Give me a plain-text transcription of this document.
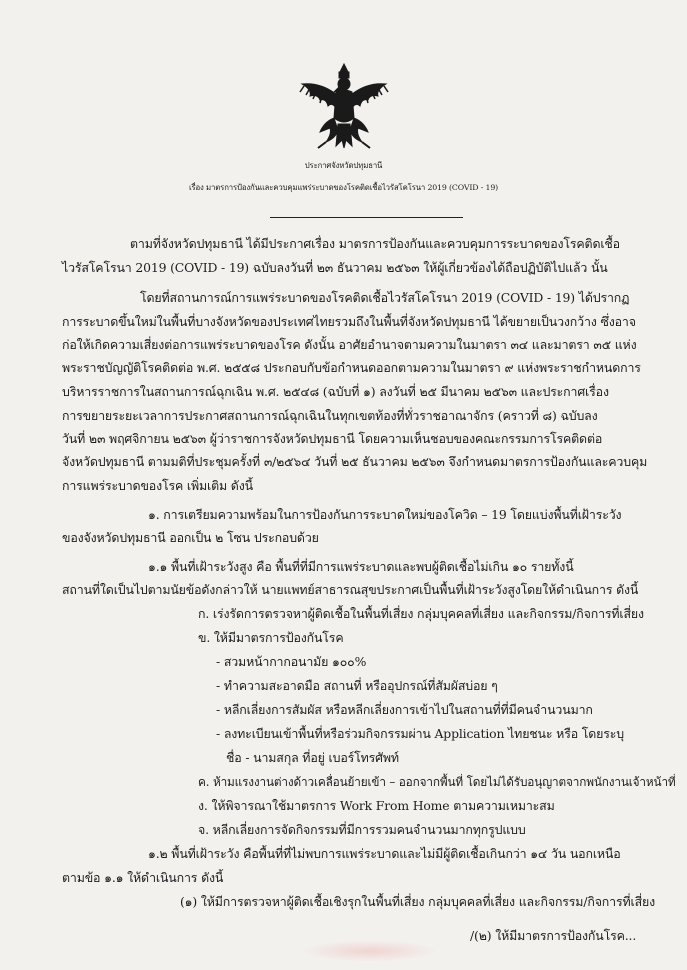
ประกาศจังหวัดปทุมธานี
เรื่อง มาตรการป้องกันและควบคุมแพร่ระบาดของโรคติดเชื้อไวรัสโคโรนา 2019 (COVID - 19)
ตามที่จังหวัดปทุมธานี ได้มีประกาศเรื่อง มาตรการป้องกันและควบคุมการระบาดของโรคติดเชื้อ
ไวรัสโคโรนา 2019 (COVID - 19) ฉบับลงวันที่ ๒๓ ธันวาคม ๒๕๖๓ ให้ผู้เกี่ยวข้องได้ถือปฏิบัติไปแล้ว นั้น
โดยที่สถานการณ์การแพร่ระบาดของโรคติดเชื้อไวรัสโคโรนา 2019 (COVID - 19) ได้ปรากฏ
การระบาดขึ้นใหม่ในพื้นที่บางจังหวัดของประเทศไทยรวมถึงในพื้นที่จังหวัดปทุมธานี ได้ขยายเป็นวงกว้าง ซึ่งอาจ
ก่อให้เกิดความเสี่ยงต่อการแพร่ระบาดของโรค ดังนั้น อาศัยอำนาจตามความในมาตรา ๓๔ และมาตรา ๓๕ แห่ง
พระราชบัญญัติโรคติดต่อ พ.ศ. ๒๕๕๘ ประกอบกับข้อกำหนดออกตามความในมาตรา ๙ แห่งพระราชกำหนดการ
บริหารราชการในสถานการณ์ฉุกเฉิน พ.ศ. ๒๕๔๘ (ฉบับที่ ๑) ลงวันที่ ๒๕ มีนาคม ๒๕๖๓ และประกาศเรื่อง
การขยายระยะเวลาการประกาศสถานการณ์ฉุกเฉินในทุกเขตท้องที่ทั่วราชอาณาจักร (คราวที่ ๘) ฉบับลง
วันที่ ๒๓ พฤศจิกายน ๒๕๖๓ ผู้ว่าราชการจังหวัดปทุมธานี โดยความเห็นชอบของคณะกรรมการโรคติดต่อ
จังหวัดปทุมธานี ตามมติที่ประชุมครั้งที่ ๓/๒๕๖๔ วันที่ ๒๕ ธันวาคม ๒๕๖๓ จึงกำหนดมาตรการป้องกันและควบคุม
การแพร่ระบาดของโรค เพิ่มเติม ดังนี้
๑. การเตรียมความพร้อมในการป้องกันการระบาดใหม่ของโควิด – 19 โดยแบ่งพื้นที่เฝ้าระวัง
ของจังหวัดปทุมธานี ออกเป็น ๒ โซน ประกอบด้วย
๑.๑ พื้นที่เฝ้าระวังสูง คือ พื้นที่ที่มีการแพร่ระบาดและพบผู้ติดเชื้อไม่เกิน ๑๐ รายทั้งนี้
สถานที่ใดเป็นไปตามนัยข้อดังกล่าวให้ นายแพทย์สาธารณสุขประกาศเป็นพื้นที่เฝ้าระวังสูงโดยให้ดำเนินการ ดังนี้
ก. เร่งรัดการตรวจหาผู้ติดเชื้อในพื้นที่เสี่ยง กลุ่มบุคคลที่เสี่ยง และกิจกรรม/กิจการที่เสี่ยง
ข. ให้มีมาตรการป้องกันโรค
- สวมหน้ากากอนามัย ๑๐๐%
- ทำความสะอาดมือ สถานที่ หรืออุปกรณ์ที่สัมผัสบ่อย ๆ
- หลีกเลี่ยงการสัมผัส หรือหลีกเลี่ยงการเข้าไปในสถานที่ที่มีคนจำนวนมาก
- ลงทะเบียนเข้าพื้นที่หรือร่วมกิจกรรมผ่าน Application ไทยชนะ หรือ โดยระบุ
ชื่อ - นามสกุล ที่อยู่ เบอร์โทรศัพท์
ค. ห้ามแรงงานต่างด้าวเคลื่อนย้ายเข้า – ออกจากพื้นที่ โดยไม่ได้รับอนุญาตจากพนักงานเจ้าหน้าที่
ง. ให้พิจารณาใช้มาตรการ Work From Home ตามความเหมาะสม
จ. หลีกเลี่ยงการจัดกิจกรรมที่มีการรวมคนจำนวนมากทุกรูปแบบ
๑.๒ พื้นที่เฝ้าระวัง คือพื้นที่ที่ไม่พบการแพร่ระบาดและไม่มีผู้ติดเชื้อเกินกว่า ๑๔ วัน นอกเหนือ
ตามข้อ ๑.๑ ให้ดำเนินการ ดังนี้
(๑) ให้มีการตรวจหาผู้ติดเชื้อเชิงรุกในพื้นที่เสี่ยง กลุ่มบุคคลที่เสี่ยง และกิจกรรม/กิจการที่เสี่ยง
/(๒) ให้มีมาตรการป้องกันโรค...
